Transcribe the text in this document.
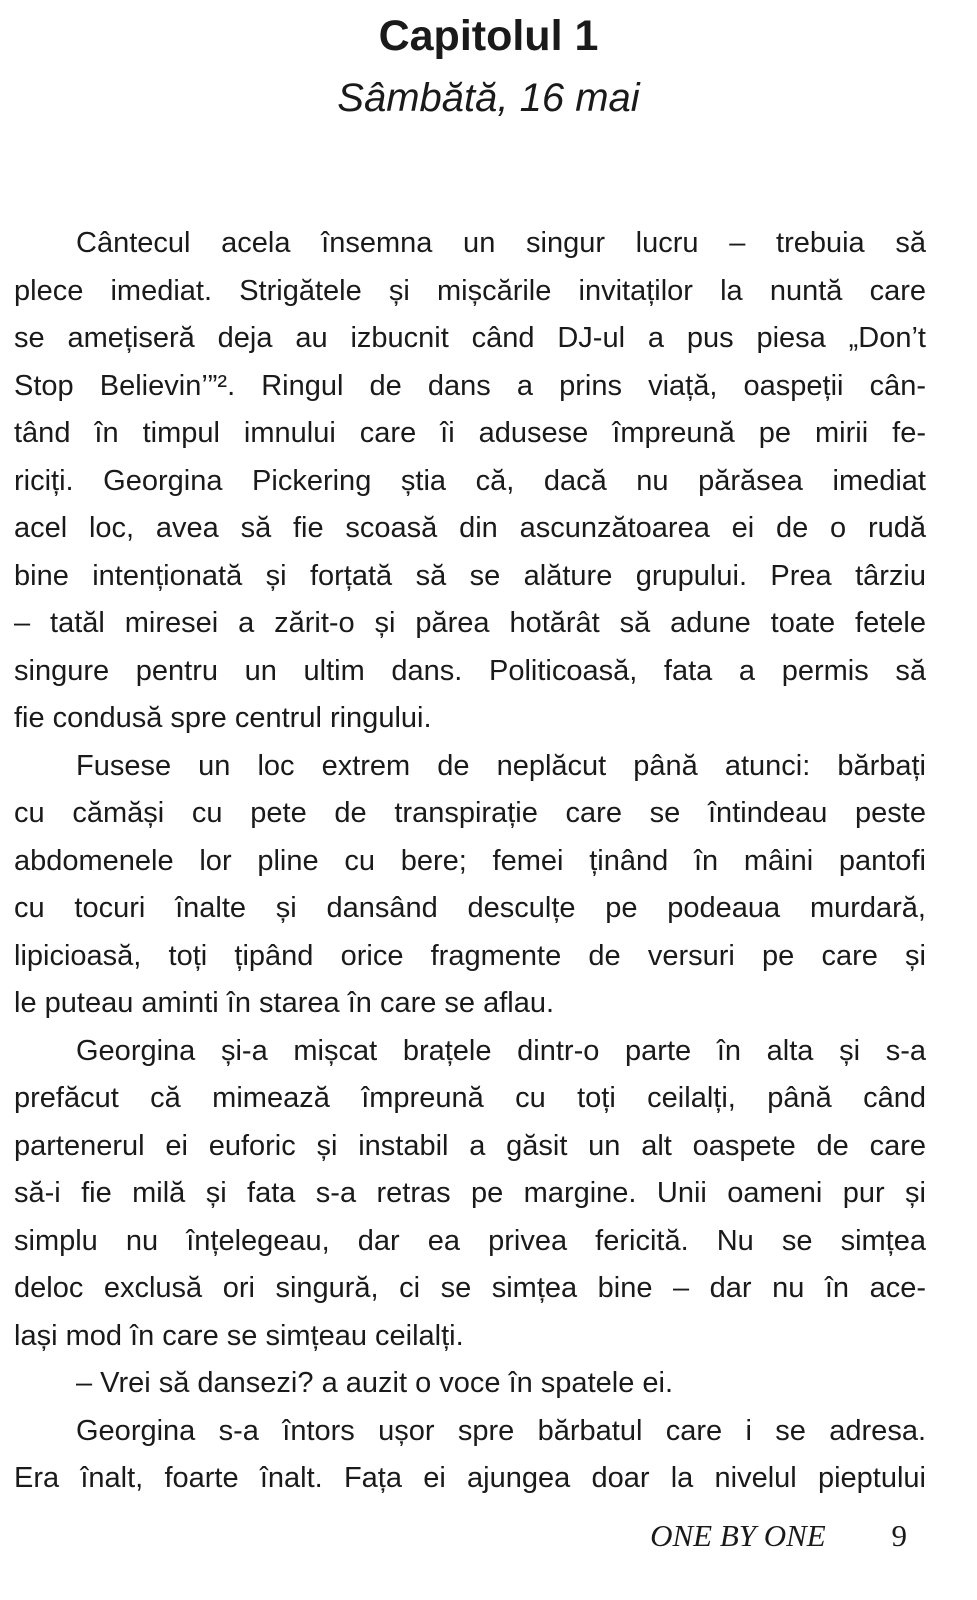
Capitolul 1
Sâmbătă, 16 mai
Cântecul acela însemna un singur lucru – trebuia să
plece imediat. Strigătele și mișcările invitaților la nuntă care
se amețiseră deja au izbucnit când DJ-ul a pus piesa „Don’t
Stop Believin’”². Ringul de dans a prins viață, oaspeții cân-
tând în timpul imnului care îi adusese împreună pe mirii fe-
riciți. Georgina Pickering știa că, dacă nu părăsea imediat
acel loc, avea să fie scoasă din ascunzătoarea ei de o rudă
bine intenționată și forțată să se alăture grupului. Prea târziu
– tatăl miresei a zărit-o și părea hotărât să adune toate fetele
singure pentru un ultim dans. Politicoasă, fata a permis să
fie condusă spre centrul ringului.
Fusese un loc extrem de neplăcut până atunci: bărbați
cu cămăși cu pete de transpirație care se întindeau peste
abdomenele lor pline cu bere; femei ținând în mâini pantofi
cu tocuri înalte și dansând desculțe pe podeaua murdară,
lipicioasă, toți țipând orice fragmente de versuri pe care și
le puteau aminti în starea în care se aflau.
Georgina și-a mișcat brațele dintr-o parte în alta și s-a
prefăcut că mimează împreună cu toți ceilalți, până când
partenerul ei euforic și instabil a găsit un alt oaspete de care
să-i fie milă și fata s-a retras pe margine. Unii oameni pur și
simplu nu înțelegeau, dar ea privea fericită. Nu se simțea
deloc exclusă ori singură, ci se simțea bine – dar nu în ace-
lași mod în care se simțeau ceilalți.
– Vrei să dansezi? a auzit o voce în spatele ei.
Georgina s-a întors ușor spre bărbatul care i se adresa.
Era înalt, foarte înalt. Fața ei ajungea doar la nivelul pieptului
ONE BY ONE 9
